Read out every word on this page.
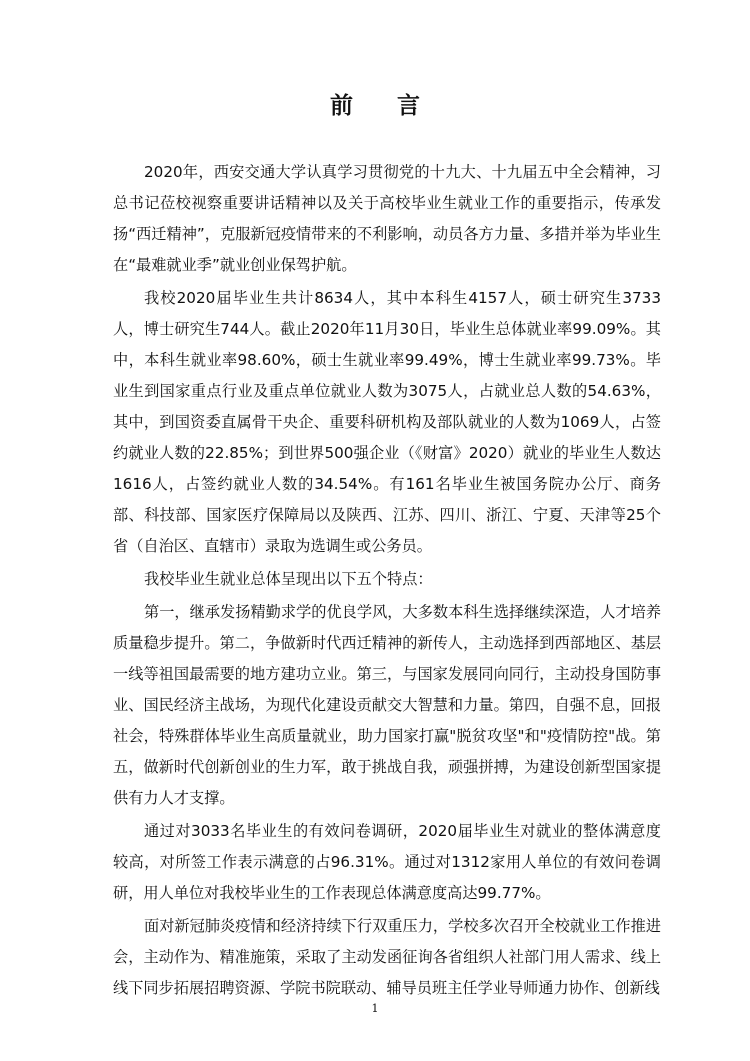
前 言

2020年，西安交通大学认真学习贯彻党的十九大、十九届五中全会精神，习总书记莅校视察重要讲话精神以及关于高校毕业生就业工作的重要指示，传承发扬“西迁精神”，克服新冠疫情带来的不利影响，动员各方力量、多措并举为毕业生在“最难就业季”就业创业保驾护航。

我校2020届毕业生共计8634人，其中本科生4157人，硕士研究生3733人，博士研究生744人。截止2020年11月30日，毕业生总体就业率99.09%。其中，本科生就业率98.60%，硕士生就业率99.49%，博士生就业率99.73%。毕业生到国家重点行业及重点单位就业人数为3075人，占就业总人数的54.63%，其中，到国资委直属骨干央企、重要科研机构及部队就业的人数为1069人，占签约就业人数的22.85%；到世界500强企业（《财富》2020）就业的毕业生人数达1616人，占签约就业人数的34.54%。有161名毕业生被国务院办公厅、商务部、科技部、国家医疗保障局以及陕西、江苏、四川、浙江、宁夏、天津等25个省（自治区、直辖市）录取为选调生或公务员。

我校毕业生就业总体呈现出以下五个特点：

第一，继承发扬精勤求学的优良学风，大多数本科生选择继续深造，人才培养质量稳步提升。第二，争做新时代西迁精神的新传人，主动选择到西部地区、基层一线等祖国最需要的地方建功立业。第三，与国家发展同向同行，主动投身国防事业、国民经济主战场，为现代化建设贡献交大智慧和力量。第四，自强不息，回报社会，特殊群体毕业生高质量就业，助力国家打赢"脱贫攻坚"和"疫情防控"战。第五，做新时代创新创业的生力军，敢于挑战自我，顽强拼搏，为建设创新型国家提供有力人才支撑。

通过对3033名毕业生的有效问卷调研，2020届毕业生对就业的整体满意度较高，对所签工作表示满意的占96.31%。通过对1312家用人单位的有效问卷调研，用人单位对我校毕业生的工作表现总体满意度高达99.77%。

面对新冠肺炎疫情和经济持续下行双重压力，学校多次召开全校就业工作推进会，主动作为、精准施策，采取了主动发函征询各省组织人社部门用人需求、线上线下同步拓展招聘资源、学院书院联动、辅导员班主任学业导师通力协作、创新线

1
